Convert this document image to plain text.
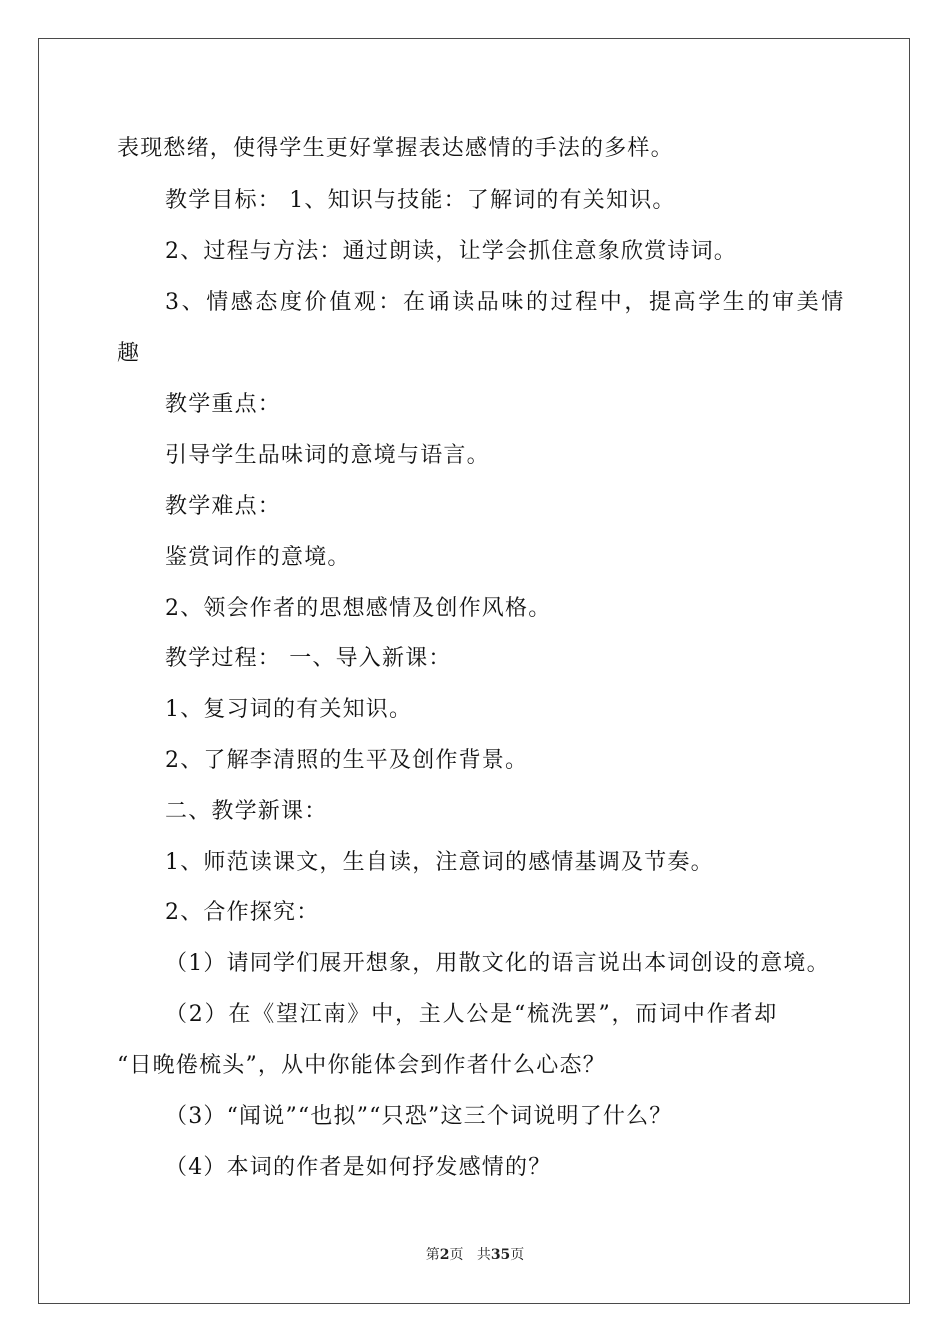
表现愁绪，使得学生更好掌握表达感情的手法的多样。
教学目标： 1、知识与技能：了解词的有关知识。
2、过程与方法：通过朗读，让学会抓住意象欣赏诗词。
3、情感态度价值观：在诵读品味的过程中，提高学生的审美情
趣
教学重点：
引导学生品味词的意境与语言。
教学难点：
鉴赏词作的意境。
2、领会作者的思想感情及创作风格。
教学过程： 一、导入新课：
1、复习词的有关知识。
2、了解李清照的生平及创作背景。
二、教学新课：
1、师范读课文，生自读，注意词的感情基调及节奏。
2、合作探究：
（1）请同学们展开想象，用散文化的语言说出本词创设的意境。
（2）在《望江南》中，主人公是“梳洗罢”，而词中作者却
“日晚倦梳头”，从中你能体会到作者什么心态？
（3）“闻说”“也拟”“只恐”这三个词说明了什么？
（4）本词的作者是如何抒发感情的？
第2页 共35页
